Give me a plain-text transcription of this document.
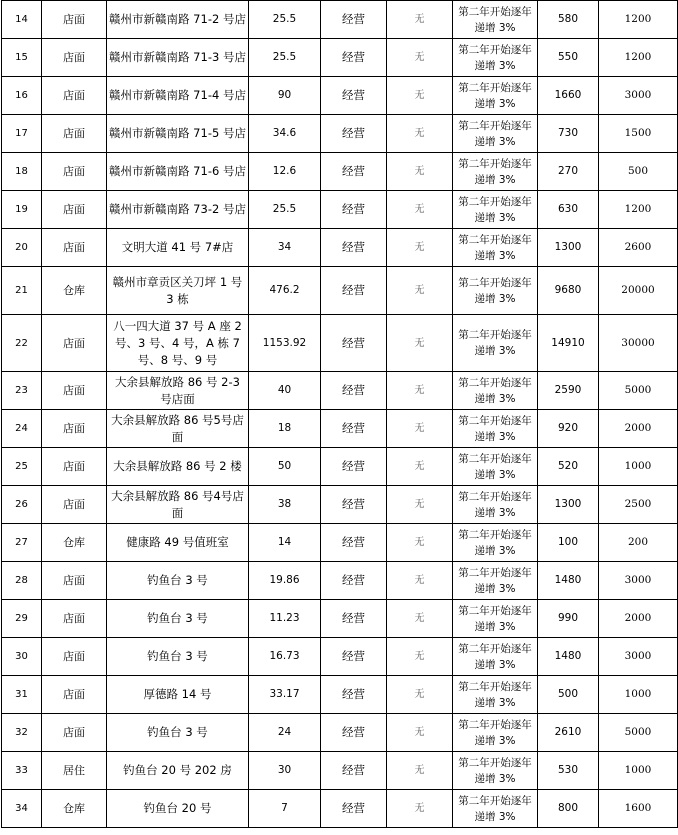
14	店面	赣州市新赣南路 71-2 号店	25.5	经营	无	第二年开始逐年递增 3%	580	1200
15	店面	赣州市新赣南路 71-3 号店	25.5	经营	无	第二年开始逐年递增 3%	550	1200
16	店面	赣州市新赣南路 71-4 号店	90	经营	无	第二年开始逐年递增 3%	1660	3000
17	店面	赣州市新赣南路 71-5 号店	34.6	经营	无	第二年开始逐年递增 3%	730	1500
18	店面	赣州市新赣南路 71-6 号店	12.6	经营	无	第二年开始逐年递增 3%	270	500
19	店面	赣州市新赣南路 73-2 号店	25.5	经营	无	第二年开始逐年递增 3%	630	1200
20	店面	文明大道 41 号 7#店	34	经营	无	第二年开始逐年递增 3%	1300	2600
21	仓库	赣州市章贡区关刀坪 1 号 3 栋	476.2	经营	无	第二年开始逐年递增 3%	9680	20000
22	店面	八一四大道 37 号 A 座 2 号、3 号、4 号，A 栋 7 号、8 号、9 号	1153.92	经营	无	第二年开始逐年递增 3%	14910	30000
23	店面	大余县解放路 86 号 2-3 号店面	40	经营	无	第二年开始逐年递增 3%	2590	5000
24	店面	大余县解放路 86 号5号店面	18	经营	无	第二年开始逐年递增 3%	920	2000
25	店面	大余县解放路 86 号 2 楼	50	经营	无	第二年开始逐年递增 3%	520	1000
26	店面	大余县解放路 86 号4号店面	38	经营	无	第二年开始逐年递增 3%	1300	2500
27	仓库	健康路 49 号值班室	14	经营	无	第二年开始逐年递增 3%	100	200
28	店面	钓鱼台 3 号	19.86	经营	无	第二年开始逐年递增 3%	1480	3000
29	店面	钓鱼台 3 号	11.23	经营	无	第二年开始逐年递增 3%	990	2000
30	店面	钓鱼台 3 号	16.73	经营	无	第二年开始逐年递增 3%	1480	3000
31	店面	厚德路 14 号	33.17	经营	无	第二年开始逐年递增 3%	500	1000
32	店面	钓鱼台 3 号	24	经营	无	第二年开始逐年递增 3%	2610	5000
33	居住	钓鱼台 20 号 202 房	30	经营	无	第二年开始逐年递增 3%	530	1000
34	仓库	钓鱼台 20 号	7	经营	无	第二年开始逐年递增 3%	800	1600
